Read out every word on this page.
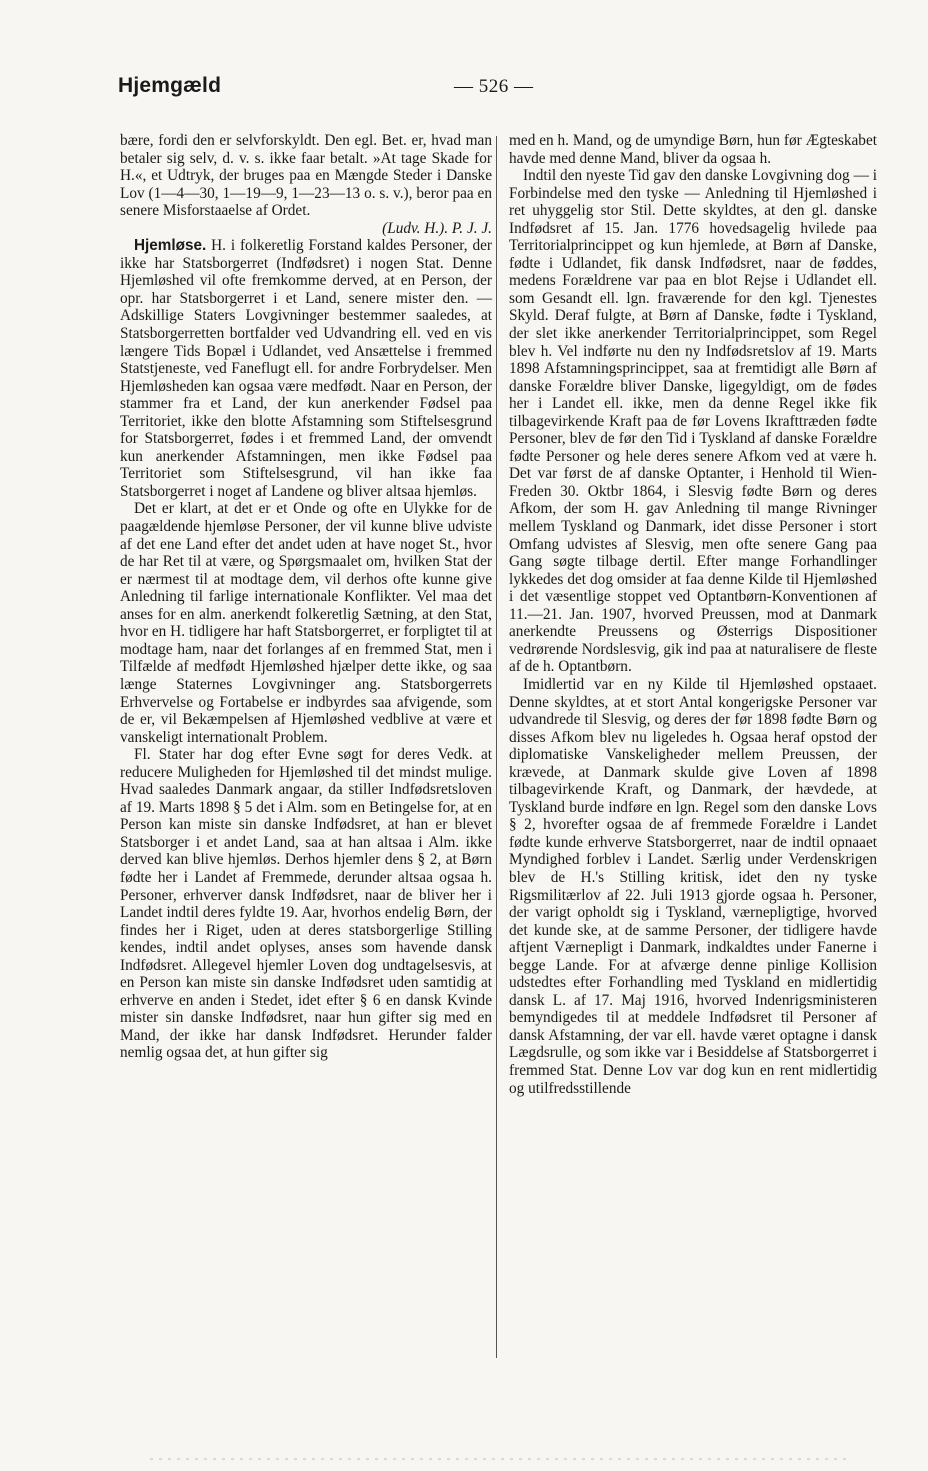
Hjemgæld	— 526 —

bære, fordi den er selvforskyldt. Den egl. Bet. er, hvad man betaler sig selv, d. v. s. ikke faar betalt. »At tage Skade for H.«, et Udtryk, der bruges paa en Mængde Steder i Danske Lov (1—4—30, 1—19—9, 1—23—13 o. s. v.), beror paa en senere Misforstaaelse af Ordet.

(Ludv. H.). P. J. J.

Hjemløse. H. i folkeretlig Forstand kaldes Personer, der ikke har Statsborgerret (Indfødsret) i nogen Stat. Denne Hjemløshed vil ofte fremkomme derved, at en Person, der opr. har Statsborgerret i et Land, senere mister den. — Adskillige Staters Lovgivninger bestemmer saaledes, at Statsborgerretten bortfalder ved Udvandring ell. ved en vis længere Tids Bopæl i Udlandet, ved Ansættelse i fremmed Statstjeneste, ved Faneflugt ell. for andre Forbrydelser. Men Hjemløsheden kan ogsaa være medfødt. Naar en Person, der stammer fra et Land, der kun anerkender Fødsel paa Territoriet, ikke den blotte Afstamning som Stiftelsesgrund for Statsborgerret, fødes i et fremmed Land, der omvendt kun anerkender Afstamningen, men ikke Fødsel paa Territoriet som Stiftelsesgrund, vil han ikke faa Statsborgerret i noget af Landene og bliver altsaa hjemløs.

Det er klart, at det er et Onde og ofte en Ulykke for de paagældende hjemløse Personer, der vil kunne blive udviste af det ene Land efter det andet uden at have noget St., hvor de har Ret til at være, og Spørgsmaalet om, hvilken Stat der er nærmest til at modtage dem, vil derhos ofte kunne give Anledning til farlige internationale Konflikter. Vel maa det anses for en alm. anerkendt folkeretlig Sætning, at den Stat, hvor en H. tidligere har haft Statsborgerret, er forpligtet til at modtage ham, naar det forlanges af en fremmed Stat, men i Tilfælde af medfødt Hjemløshed hjælper dette ikke, og saa længe Staternes Lovgivninger ang. Statsborgerrets Erhvervelse og Fortabelse er indbyrdes saa afvigende, som de er, vil Bekæmpelsen af Hjemløshed vedblive at være et vanskeligt internationalt Problem.

Fl. Stater har dog efter Evne søgt for deres Vedk. at reducere Muligheden for Hjemløshed til det mindst mulige. Hvad saaledes Danmark angaar, da stiller Indfødsretsloven af 19. Marts 1898 § 5 det i Alm. som en Betingelse for, at en Person kan miste sin danske Indfødsret, at han er blevet Statsborger i et andet Land, saa at han altsaa i Alm. ikke derved kan blive hjemløs. Derhos hjemler dens § 2, at Børn fødte her i Landet af Fremmede, derunder altsaa ogsaa h. Personer, erhverver dansk Indfødsret, naar de bliver her i Landet indtil deres fyldte 19. Aar, hvorhos endelig Børn, der findes her i Riget, uden at deres statsborgerlige Stilling kendes, indtil andet oplyses, anses som havende dansk Indfødsret. Allegevel hjemler Loven dog undtagelsesvis, at en Person kan miste sin danske Indfødsret uden samtidig at erhverve en anden i Stedet, idet efter § 6 en dansk Kvinde mister sin danske Indfødsret, naar hun gifter sig med en Mand, der ikke har dansk Indfødsret. Herunder falder nemlig ogsaa det, at hun gifter sig

med en h. Mand, og de umyndige Børn, hun før Ægteskabet havde med denne Mand, bliver da ogsaa h.

Indtil den nyeste Tid gav den danske Lovgivning dog — i Forbindelse med den tyske — Anledning til Hjemløshed i ret uhyggelig stor Stil. Dette skyldtes, at den gl. danske Indfødsret af 15. Jan. 1776 hovedsagelig hvilede paa Territorialprincippet og kun hjemlede, at Børn af Danske, fødte i Udlandet, fik dansk Indfødsret, naar de føddes, medens Forældrene var paa en blot Rejse i Udlandet ell. som Gesandt ell. lgn. fraværende for den kgl. Tjenestes Skyld. Deraf fulgte, at Børn af Danske, fødte i Tyskland, der slet ikke anerkender Territorialprincippet, som Regel blev h. Vel indførte nu den ny Indfødsretslov af 19. Marts 1898 Afstamningsprincippet, saa at fremtidigt alle Børn af danske Forældre bliver Danske, ligegyldigt, om de fødes her i Landet ell. ikke, men da denne Regel ikke fik tilbagevirkende Kraft paa de før Lovens Ikrafttræden fødte Personer, blev de før den Tid i Tyskland af danske Forældre fødte Personer og hele deres senere Afkom ved at være h. Det var først de af danske Optanter, i Henhold til Wien-Freden 30. Oktbr 1864, i Slesvig fødte Børn og deres Afkom, der som H. gav Anledning til mange Rivninger mellem Tyskland og Danmark, idet disse Personer i stort Omfang udvistes af Slesvig, men ofte senere Gang paa Gang søgte tilbage dertil. Efter mange Forhandlinger lykkedes det dog omsider at faa denne Kilde til Hjemløshed i det væsentlige stoppet ved Optantbørn-Konventionen af 11.—21. Jan. 1907, hvorved Preussen, mod at Danmark anerkendte Preussens og Østerrigs Dispositioner vedrørende Nordslesvig, gik ind paa at naturalisere de fleste af de h. Optantbørn.

Imidlertid var en ny Kilde til Hjemløshed opstaaet. Denne skyldtes, at et stort Antal kongerigske Personer var udvandrede til Slesvig, og deres der før 1898 fødte Børn og disses Afkom blev nu ligeledes h. Ogsaa heraf opstod der diplomatiske Vanskeligheder mellem Preussen, der krævede, at Danmark skulde give Loven af 1898 tilbagevirkende Kraft, og Danmark, der hævdede, at Tyskland burde indføre en lgn. Regel som den danske Lovs § 2, hvorefter ogsaa de af fremmede Forældre i Landet fødte kunde erhverve Statsborgerret, naar de indtil opnaaet Myndighed forblev i Landet. Særlig under Verdenskrigen blev de H.'s Stilling kritisk, idet den ny tyske Rigsmilitærlov af 22. Juli 1913 gjorde ogsaa h. Personer, der varigt opholdt sig i Tyskland, værnepligtige, hvorved det kunde ske, at de samme Personer, der tidligere havde aftjent Værnepligt i Danmark, indkaldtes under Fanerne i begge Lande. For at afværge denne pinlige Kollision udstedtes efter Forhandling med Tyskland en midlertidig dansk L. af 17. Maj 1916, hvorved Indenrigsministeren bemyndigedes til at meddele Indfødsret til Personer af dansk Afstamning, der var ell. havde været optagne i dansk Lægdsrulle, og som ikke var i Besiddelse af Statsborgerret i fremmed Stat. Denne Lov var dog kun en rent midlertidig og utilfredsstillende
